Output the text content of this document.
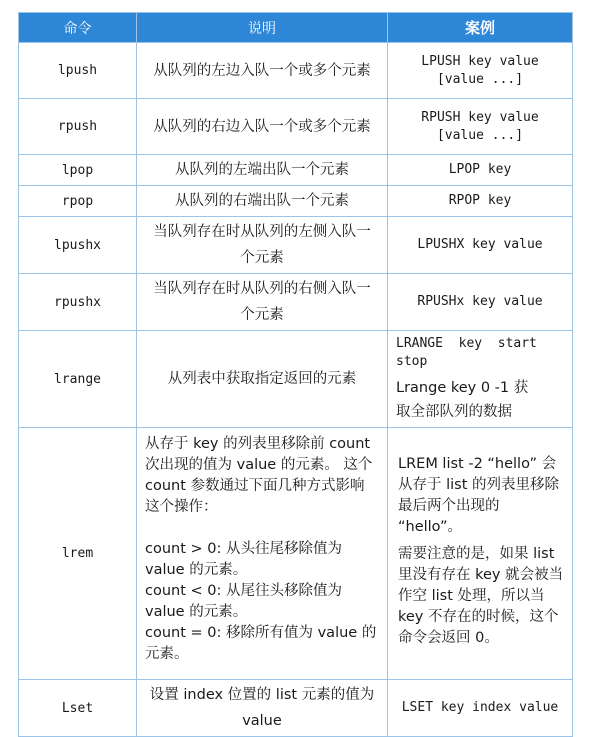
命令	说明	案例
lpush	从队列的左边入队一个或多个元素	LPUSH key value [value ...]
rpush	从队列的右边入队一个或多个元素	RPUSH key value [value ...]
lpop	从队列的左端出队一个元素	LPOP key
rpop	从队列的右端出队一个元素	RPOP key
lpushx	当队列存在时从队列的左侧入队一个元素	LPUSHX key value
rpushx	当队列存在时从队列的右侧入队一个元素	RPUSHx key value
lrange	从列表中获取指定返回的元素	LRANGE  key  start
stop
Lrange key 0 -1 获
取全部队列的数据

lrem	从存于 key 的列表里移除前 count 次出现的值为 value 的元素。 这个 count 参数通过下面几种方式影响这个操作：
count > 0: 从头往尾移除值为 value 的元素。
count < 0: 从尾往头移除值为 value 的元素。
count = 0: 移除所有值为 value 的元素。	LREM list -2 “hello” 会从存于 list 的列表里移除最后两个出现的 “hello”。
需要注意的是，如果 list 里没有存在 key 就会被当作空 list 处理，所以当 key 不存在的时候，这个命令会返回 0。

Lset	设置 index 位置的 list 元素的值为 value	LSET key index value
